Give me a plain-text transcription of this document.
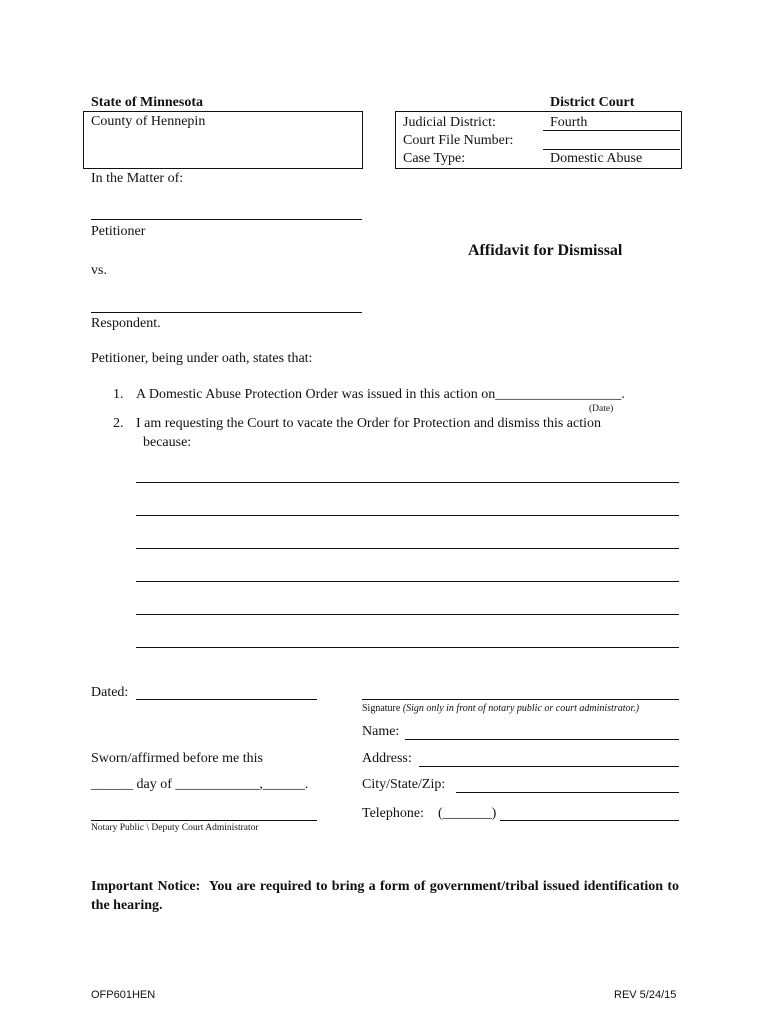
State of Minnesota	District Court
County of Hennepin	Judicial District:	Fourth
Court File Number:
Case Type:	Domestic Abuse
In the Matter of:
Petitioner
vs.
Respondent.
Affidavit for Dismissal
Petitioner, being under oath, states that:
1. A Domestic Abuse Protection Order was issued in this action on__________________.
(Date)
2. I am requesting the Court to vacate the Order for Protection and dismiss this action
because:
Dated:
Signature (Sign only in front of notary public or court administrator.)
Name:
Sworn/affirmed before me this	Address:
______ day of ____________,______.	City/State/Zip:
Notary Public \ Deputy Court Administrator
Telephone: (_______)
Important Notice: You are required to bring a form of government/tribal issued identification to the hearing.
OFP601HEN	REV 5/24/15
